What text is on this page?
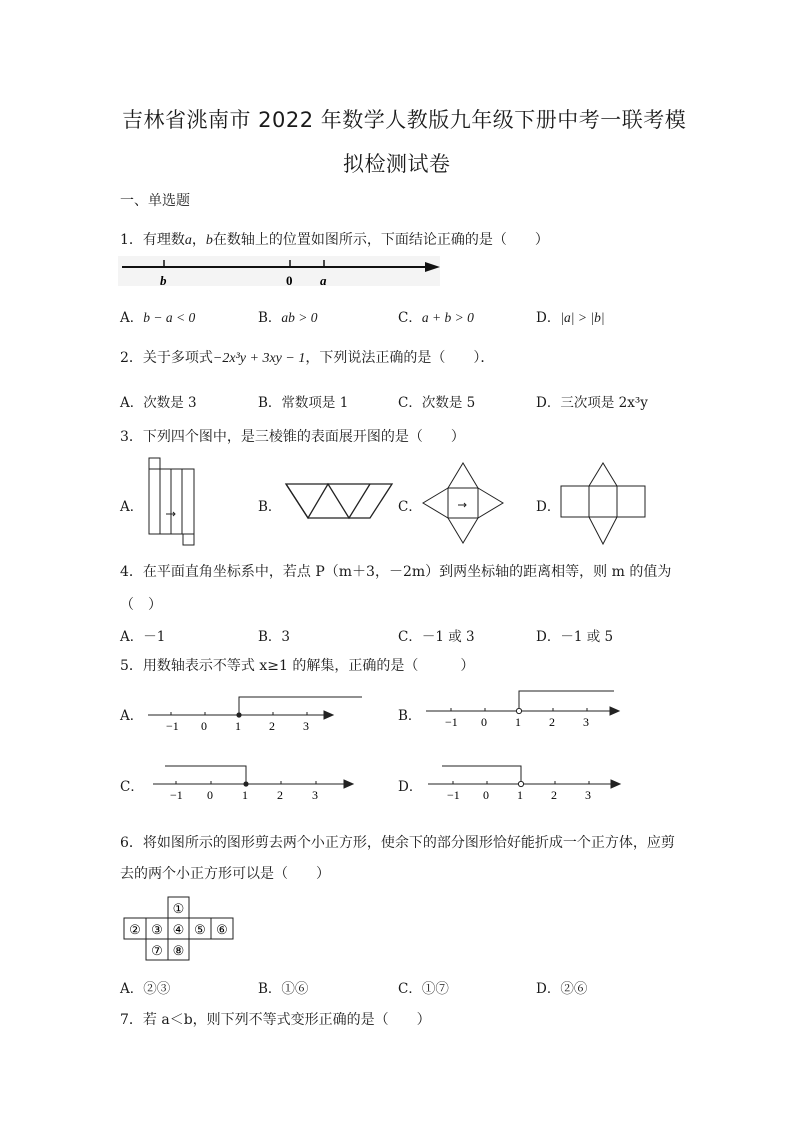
吉林省洮南市 2022 年数学人教版九年级下册中考一联考模
拟检测试卷
一、单选题
1．有理数a，b在数轴上的位置如图所示，下面结论正确的是（　　）
b	0 a
A．b − a < 0	B．ab > 0	C．a + b > 0	D．|a| > |b|
2．关于多项式−2x³y + 3xy − 1，下列说法正确的是（　　）．
A．次数是 3	B．常数项是 1	C．次数是 5	D．三次项是 2x³y
3．下列四个图中，是三棱锥的表面展开图的是（　　）
A．	B．	C．	D．
4．在平面直角坐标系中，若点 P（m＋3，－2m）到两坐标轴的距离相等，则 m 的值为
（　）
A．－1	B．3	C．－1 或 3	D．－1 或 5
5．用数轴表示不等式 x≥1 的解集，正确的是（　　　）
A．
−1 0 1 2 3
B． −1 0 1 2 3
C． −1 0 1 2 3	D． −1 0 1 2 3
6．将如图所示的图形剪去两个小正方形，使余下的部分图形恰好能折成一个正方体，应剪
去的两个小正方形可以是（　　）
①
② ③ ④ ⑤ ⑥
⑦ ⑧
A．②③	B．①⑥	C．①⑦	D．②⑥
7．若 a＜b，则下列不等式变形正确的是（　　）
